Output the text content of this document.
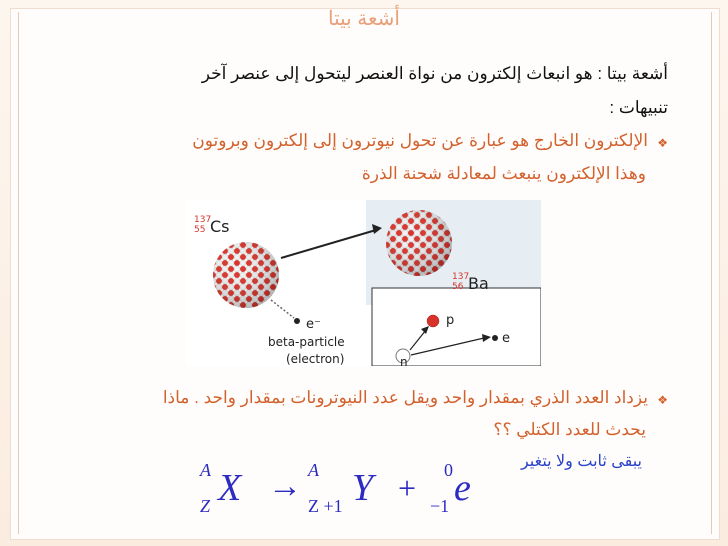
أشعة بيتا
أشعة بيتا : هو انبعاث إلكترون من نواة العنصر ليتحول إلى عنصر آخر
تنبيهات :
❖الإلكترون الخارج هو عبارة عن تحول نيوترون إلى إلكترون وبروتون
وهذا الإلكترون ينبعث لمعادلة شحنة الذرة
137
55 Cs
137
56 Ba
e⁻
beta-particle
(electron)
p
e
n
❖يزداد العدد الذري بمقدار واحد ويقل عدد النيوترونات بمقدار واحد . ماذا
يحدث للعدد الكتلي ؟؟
يبقى ثابت ولا يتغير
A
Z X → A
Z +1 Y + 0
−1 e
